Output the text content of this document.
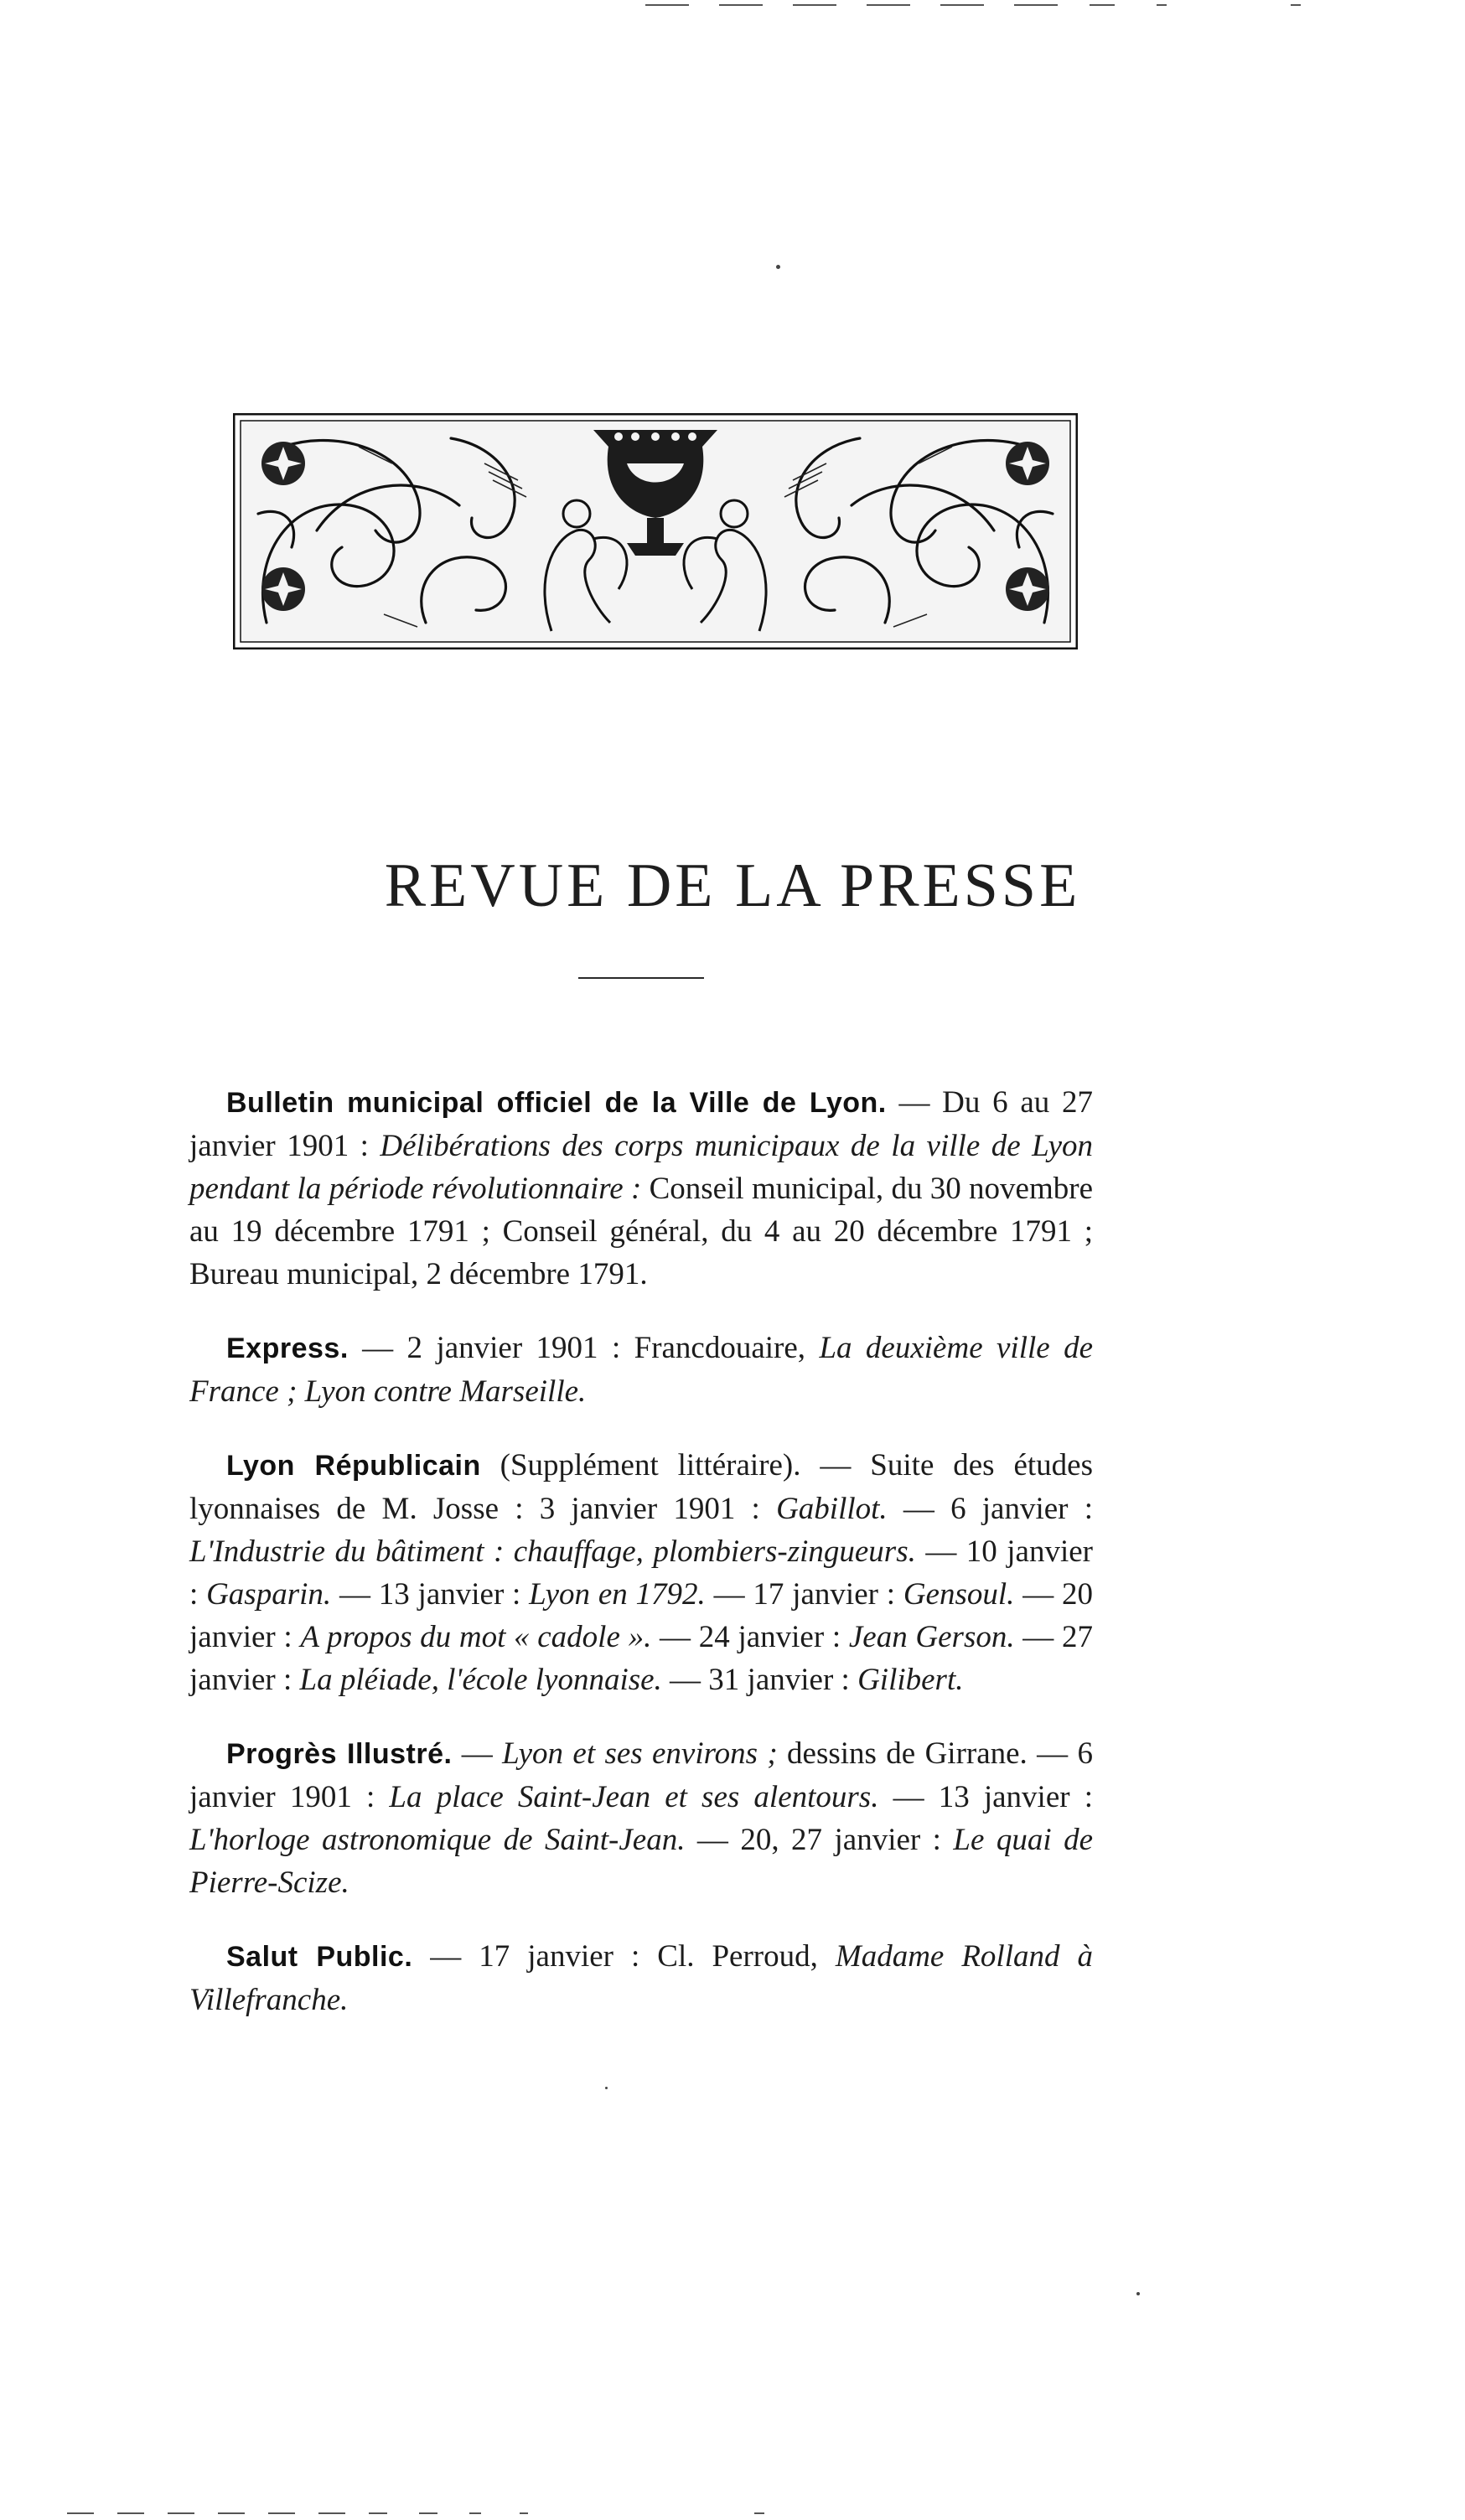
REVUE DE LA PRESSE

Bulletin municipal officiel de la Ville de Lyon. — Du 6 au 27 janvier 1901 : Délibérations des corps municipaux de la ville de Lyon pendant la période révolutionnaire : Conseil municipal, du 30 novembre au 19 décembre 1791 ; Conseil général, du 4 au 20 décembre 1791 ; Bureau municipal, 2 décembre 1791.

Express. — 2 janvier 1901 : Francdouaire, La deuxième ville de France ; Lyon contre Marseille.

Lyon Républicain (Supplément littéraire). — Suite des études lyonnaises de M. Josse : 3 janvier 1901 : Gabillot. — 6 janvier : L'Industrie du bâtiment : chauffage, plombiers-zingueurs. — 10 janvier : Gasparin. — 13 janvier : Lyon en 1792. — 17 janvier : Gensoul. — 20 janvier : A propos du mot « cadole ». — 24 janvier : Jean Gerson. — 27 janvier : La pléiade, l'école lyonnaise. — 31 janvier : Gilibert.

Progrès Illustré. — Lyon et ses environs ; dessins de Girrane. — 6 janvier 1901 : La place Saint-Jean et ses alentours. — 13 janvier : L'horloge astronomique de Saint-Jean. — 20, 27 janvier : Le quai de Pierre-Scize.

Salut Public. — 17 janvier : Cl. Perroud, Madame Rolland à Villefranche.
